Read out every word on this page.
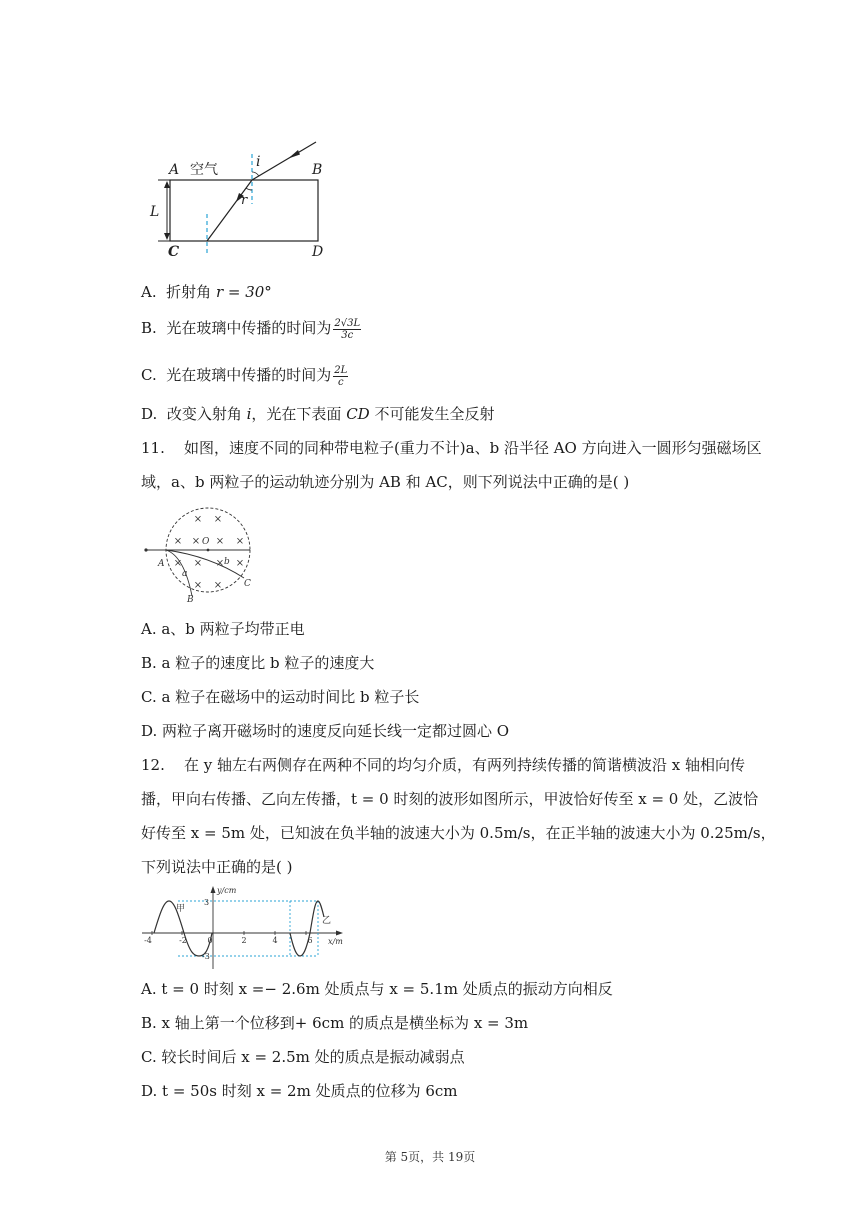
A 空气	i	B
r
L
C	D
A. 折射角 r = 30°
B. 光在玻璃中传播的时间为 $\frac{2√3L}{3c}$
C. 光在玻璃中传播的时间为 $\frac{2L}{c}$
D. 改变入射角 i，光在下表面 CD 不可能发生全反射
11. 如图，速度不同的同种带电粒子(重力不计)a、b 沿半径 AO 方向进入一圆形匀强磁场区
域，a、b 两粒子的运动轨迹分别为 AB 和 AC，则下列说法中正确的是( )
× ×
× × × ×
× × × ×
× ×
O
A
a
b
B
C
A. a、b 两粒子均带正电
B. a 粒子的速度比 b 粒子的速度大
C. a 粒子在磁场中的运动时间比 b 粒子长
D. 两粒子离开磁场时的速度反向延长线一定都过圆心 O
12. 在 y 轴左右两侧存在两种不同的均匀介质，有两列持续传播的简谐横波沿 x 轴相向传
播，甲向右传播、乙向左传播，t = 0 时刻的波形如图所示，甲波恰好传至 x = 0 处，乙波恰
好传至 x = 5m 处，已知波在负半轴的波速大小为 0.5m/s，在正半轴的波速大小为 0.25m/s，
下列说法中正确的是( )
-4	-2	0	2	4	6
3
-3
y/cm
x/m
甲
乙
A. t = 0 时刻 x =− 2.6m 处质点与 x = 5.1m 处质点的振动方向相反
B. x 轴上第一个位移到+ 6cm 的质点是横坐标为 x = 3m
C. 较长时间后 x = 2.5m 处的质点是振动减弱点
D. t = 50s 时刻 x = 2m 处质点的位移为 6cm
第 5页，共 19页
